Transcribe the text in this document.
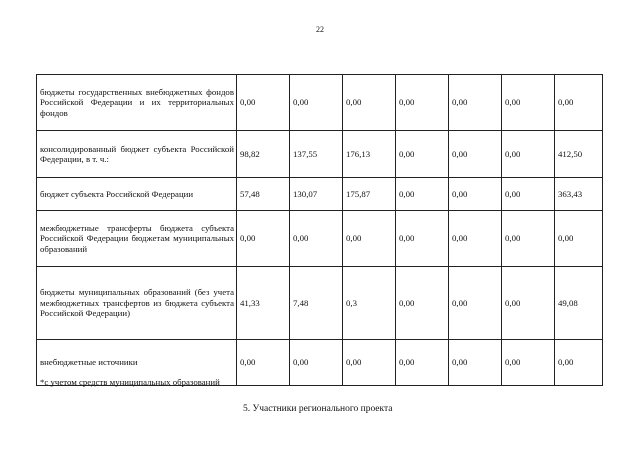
22
бюджеты государственных внебюджетных фондов Российской Федерации и их территориальных фондов	0,00	0,00	0,00	0,00	0,00	0,00	0,00
консолидированный бюджет субъекта Российской Федерации, в т. ч.:	98,82	137,55	176,13	0,00	0,00	0,00	412,50
бюджет субъекта Российской Федерации	57,48	130,07	175,87	0,00	0,00	0,00	363,43
межбюджетные трансферты бюджета субъекта Российской Федерации бюджетам муниципальных образований	0,00	0,00	0,00	0,00	0,00	0,00	0,00
бюджеты муниципальных образований (без учета межбюджетных трансфертов из бюджета субъекта Российской Федерации)	41,33	7,48	0,3	0,00	0,00	0,00	49,08
внебюджетные источники	0,00	0,00	0,00	0,00	0,00	0,00	0,00
*с учетом средств муниципальных образований
5. Участники регионального проекта
